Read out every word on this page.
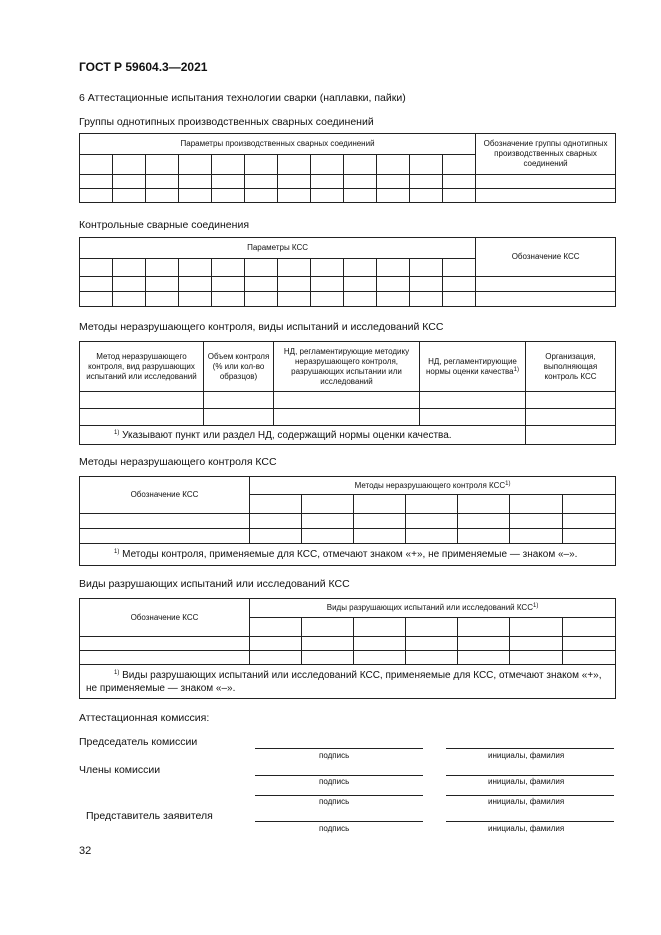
ГОСТ Р 59604.3—2021
6 Аттестационные испытания технологии сварки (наплавки, пайки)
Группы однотипных производственных сварных соединений
Параметры производственных сварных соединений												Обозначение группы однотипных производственных сварных соединений

Контрольные сварные соединения
Параметры КСС												Обозначение КСС

Методы неразрушающего контроля, виды испытаний и исследований КСС
Метод неразрушающего контроля, вид разрушающих испытаний или исследований	Объем контроля (% или кол-во образцов)	НД, регламентирующие методику неразрушающего контроля, разрушающих испытании или исследований	НД, регламентирующие нормы оценки качества$^{1)}$	Организация, выполняющая контроль КСС

$^{1)}$ Указывают пункт или раздел НД, содержащий нормы оценки качества.				
Методы неразрушающего контроля КСС
Обозначение КСС	Методы неразрушающего контроля КСС$^{1)}$

$^{1)}$ Методы контроля, применяемые для КСС, отмечают знаком «+», не применяемые — знаком «–».							
Виды разрушающих испытаний или исследований КСС
Обозначение КСС	Виды разрушающих испытаний или исследований КСС$^{1)}$

$^{1)}$ Виды разрушающих испытаний или исследований КСС, применяемые для КСС, отмечают знаком «+»,
не применяемые — знаком «–».							
Аттестационная комиссия:
Председатель комиссии
подпись	инициалы, фамилия
Члены комиссии
подпись	инициалы, фамилия
подпись	инициалы, фамилия
Представитель заявителя
подпись	инициалы, фамилия
32
